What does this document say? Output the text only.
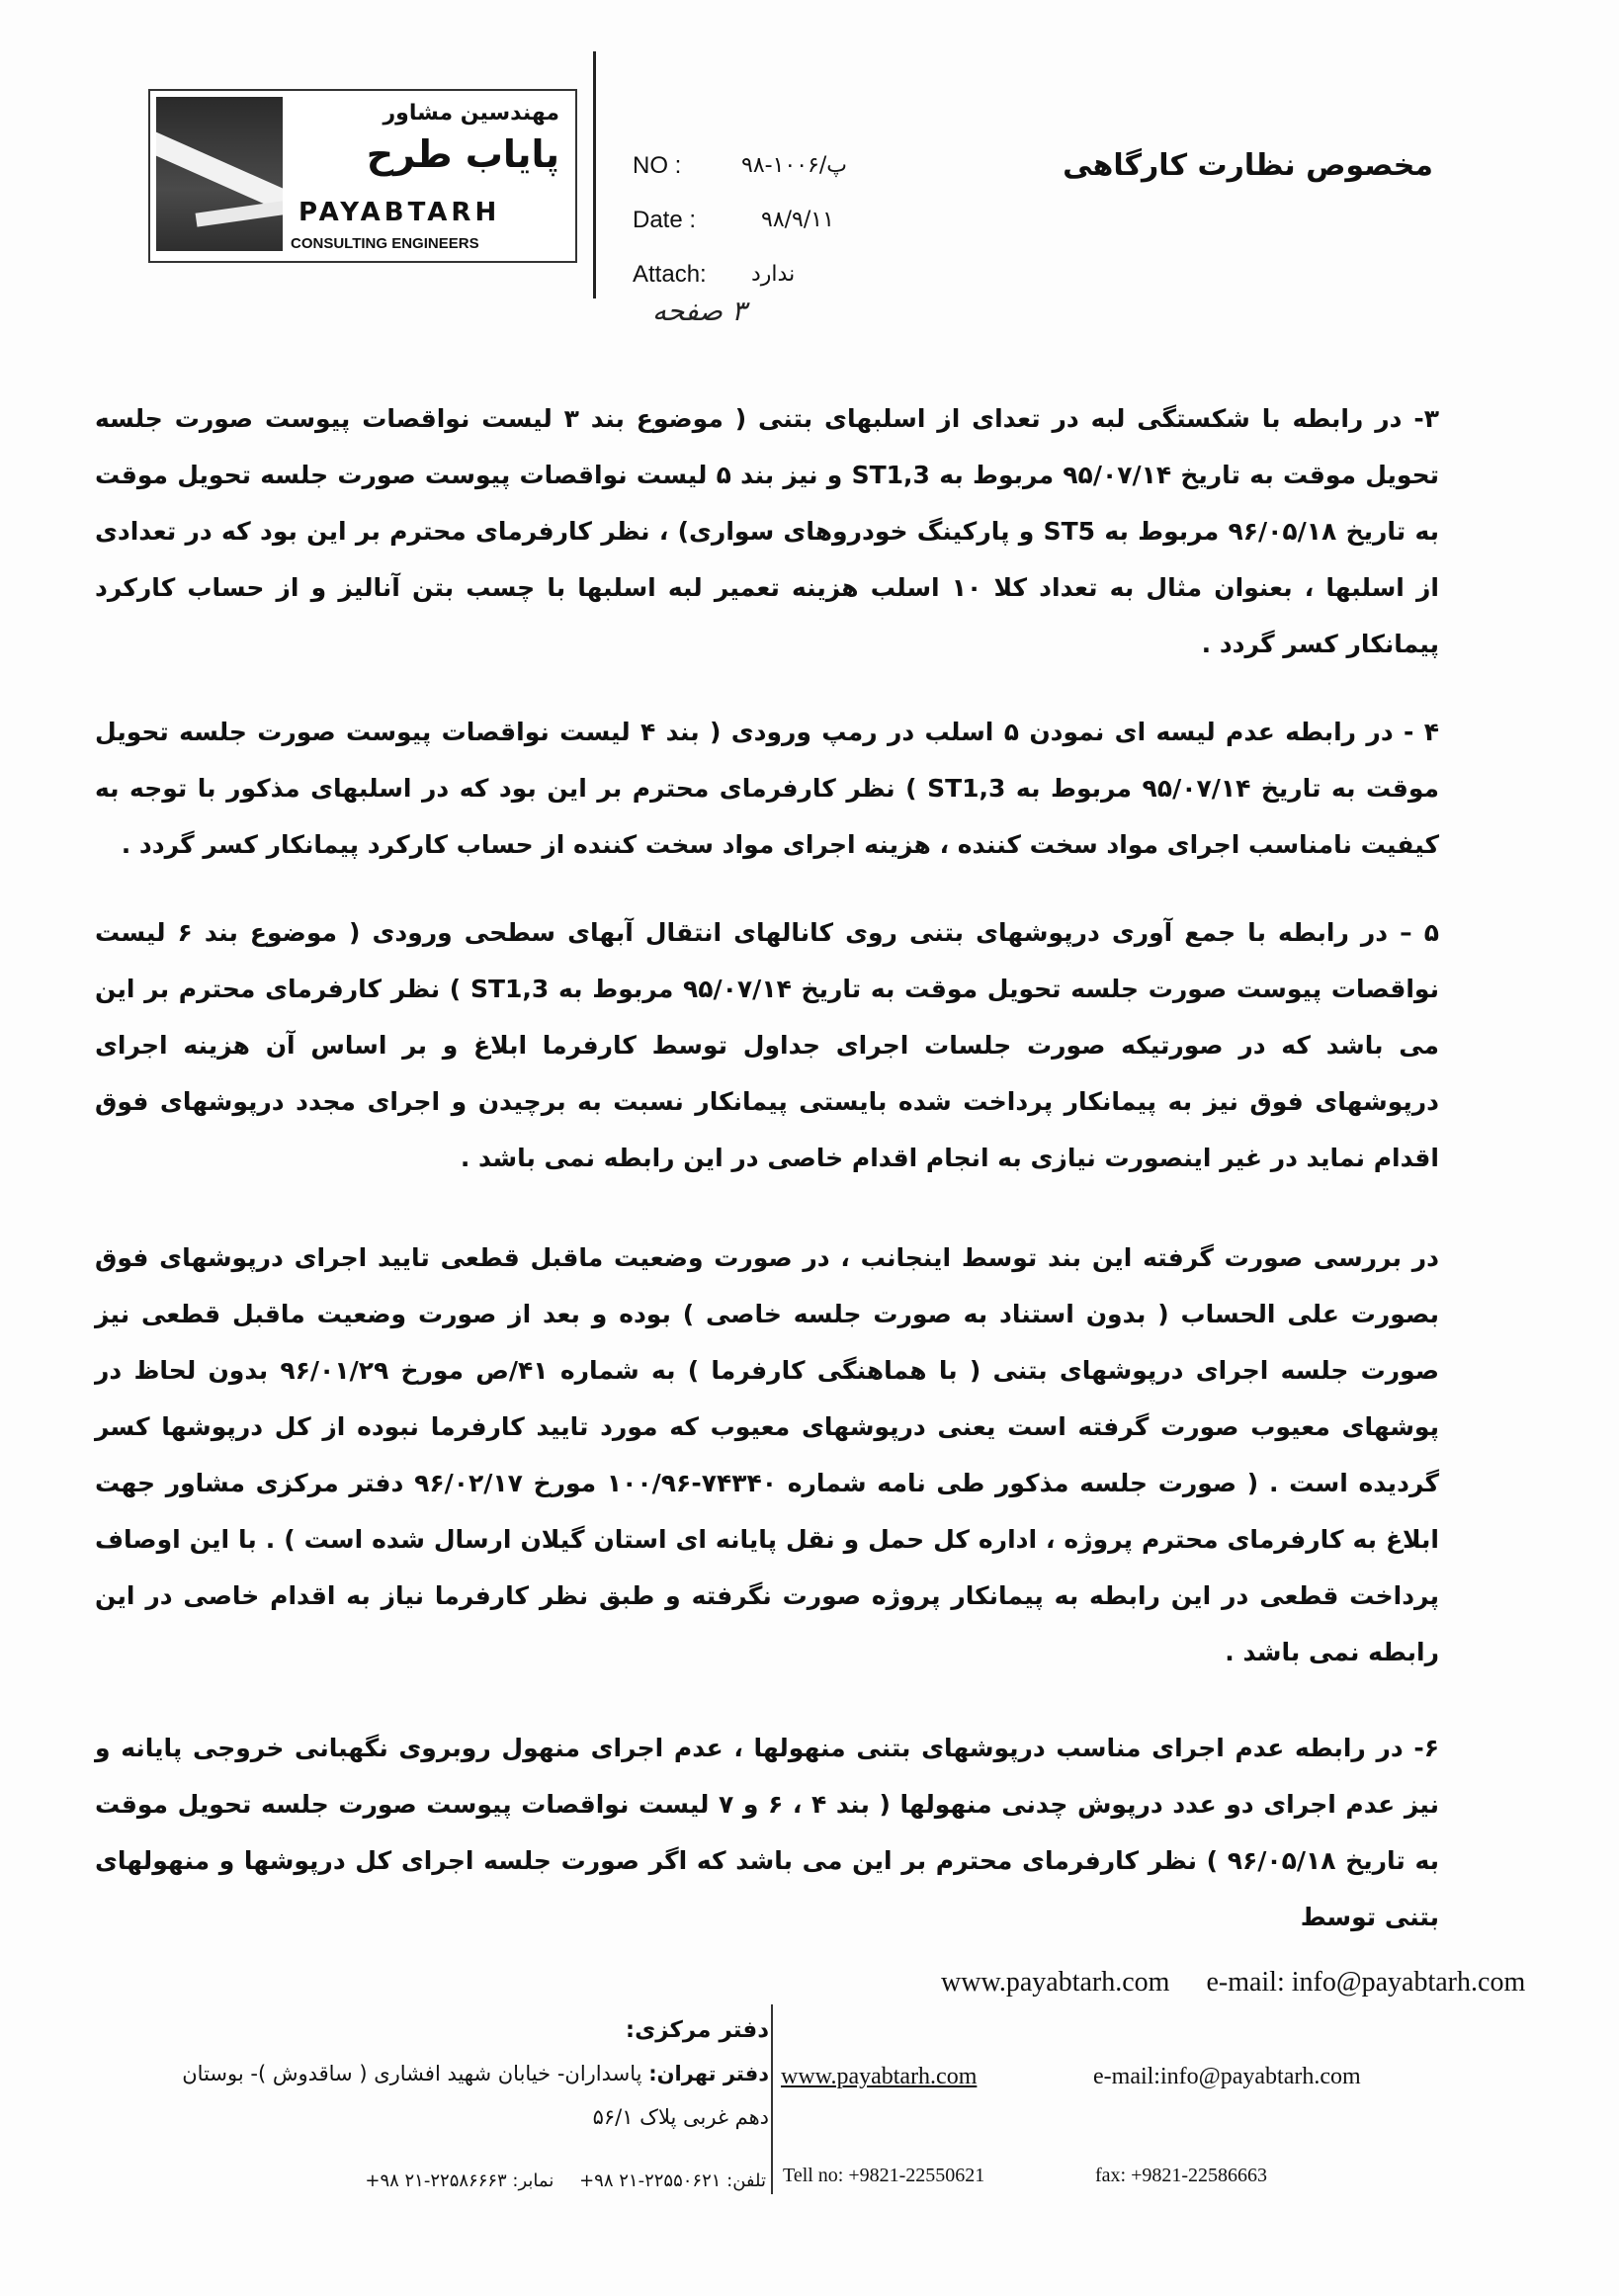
مهندسین مشاور
پایاب طرح
PAYABTARH
CONSULTING ENGINEERS
NO :	۹۸-۱۰۰۶/پ
Date :	۹۸/۹/۱۱
Attach: ندارد
۳ صفحه
مخصوص نظارت کارگاهی

۳- در رابطه با شکستگی لبه در تعدای از اسلبهای بتنی ( موضوع بند ۳ لیست نواقصات پیوست صورت جلسه تحویل موقت به تاریخ ۹۵/۰۷/۱۴ مربوط به ST1,3 و نیز بند ۵ لیست نواقصات پیوست صورت جلسه تحویل موقت به تاریخ ۹۶/۰۵/۱۸ مربوط به ST5 و پارکینگ خودروهای سواری) ، نظر کارفرمای محترم بر این بود که در تعدادی از اسلبها ، بعنوان مثال به تعداد کلا ۱۰ اسلب هزینه تعمیر لبه اسلبها با چسب بتن آنالیز و از حساب کارکرد پیمانکار کسر گردد .

۴ - در رابطه عدم لیسه ای نمودن ۵ اسلب در رمپ ورودی ( بند ۴ لیست نواقصات پیوست صورت جلسه تحویل موقت به تاریخ ۹۵/۰۷/۱۴ مربوط به ST1,3 ) نظر کارفرمای محترم بر این بود که در اسلبهای مذکور با توجه به کیفیت نامناسب اجرای مواد سخت کننده ، هزینه اجرای مواد سخت کننده از حساب کارکرد پیمانکار کسر گردد .

۵ – در رابطه با جمع آوری درپوشهای بتنی روی کانالهای انتقال آبهای سطحی ورودی ( موضوع بند ۶ لیست نواقصات پیوست صورت جلسه تحویل موقت به تاریخ ۹۵/۰۷/۱۴ مربوط به ST1,3 ) نظر کارفرمای محترم بر این می باشد که در صورتیکه صورت جلسات اجرای جداول توسط کارفرما ابلاغ و بر اساس آن هزینه اجرای درپوشهای فوق نیز به پیمانکار پرداخت شده بایستی پیمانکار نسبت به برچیدن و اجرای مجدد درپوشهای فوق اقدام نماید در غیر اینصورت نیازی به انجام اقدام خاصی در این رابطه نمی باشد .

در بررسی صورت گرفته این بند توسط اینجانب ، در صورت وضعیت ماقبل قطعی تایید اجرای درپوشهای فوق بصورت علی الحساب ( بدون استناد به صورت جلسه خاصی ) بوده و بعد از صورت وضعیت ماقبل قطعی نیز صورت جلسه اجرای درپوشهای بتنی ( با هماهنگی کارفرما ) به شماره ۴۱/ص مورخ ۹۶/۰۱/۲۹ بدون لحاظ در پوشهای معیوب صورت گرفته است یعنی درپوشهای معیوب که مورد تایید کارفرما نبوده از کل درپوشها کسر گردیده است . ( صورت جلسه مذکور طی نامه شماره ۷۴۳۴۰-۱۰۰/۹۶ مورخ ۹۶/۰۲/۱۷ دفتر مرکزی مشاور جهت ابلاغ به کارفرمای محترم پروژه ، اداره کل حمل و نقل پایانه ای استان گیلان ارسال شده است ) . با این اوصاف پرداخت قطعی در این رابطه به پیمانکار پروژه صورت نگرفته و طبق نظر کارفرما نیاز به اقدام خاصی در این رابطه نمی باشد .

۶- در رابطه عدم اجرای مناسب درپوشهای بتنی منهولها ، عدم اجرای منهول روبروی نگهبانی خروجی پایانه و نیز عدم اجرای دو عدد درپوش چدنی منهولها ( بند ۴ ، ۶ و ۷ لیست نواقصات پیوست صورت جلسه تحویل موقت به تاریخ ۹۶/۰۵/۱۸ ) نظر کارفرمای محترم بر این می باشد که اگر صورت جلسه اجرای کل درپوشها و منهولهای بتنی توسط

www.payabtarh.com e-mail: info@payabtarh.com
دفتر مرکزی:
دفتر تهران: پاسداران- خیابان شهید افشاری ( ساقدوش )- بوستان
دهم غربی پلاک ۵۶/۱
www.payabtarh.com	e-mail:info@payabtarh.com
Tell no: +9821-22550621	fax: +9821-22586663
تلفن: ۲۲۵۵۰۶۲۱-۲۱ ۹۸+ نمابر: ۲۲۵۸۶۶۶۳-۲۱ ۹۸+
